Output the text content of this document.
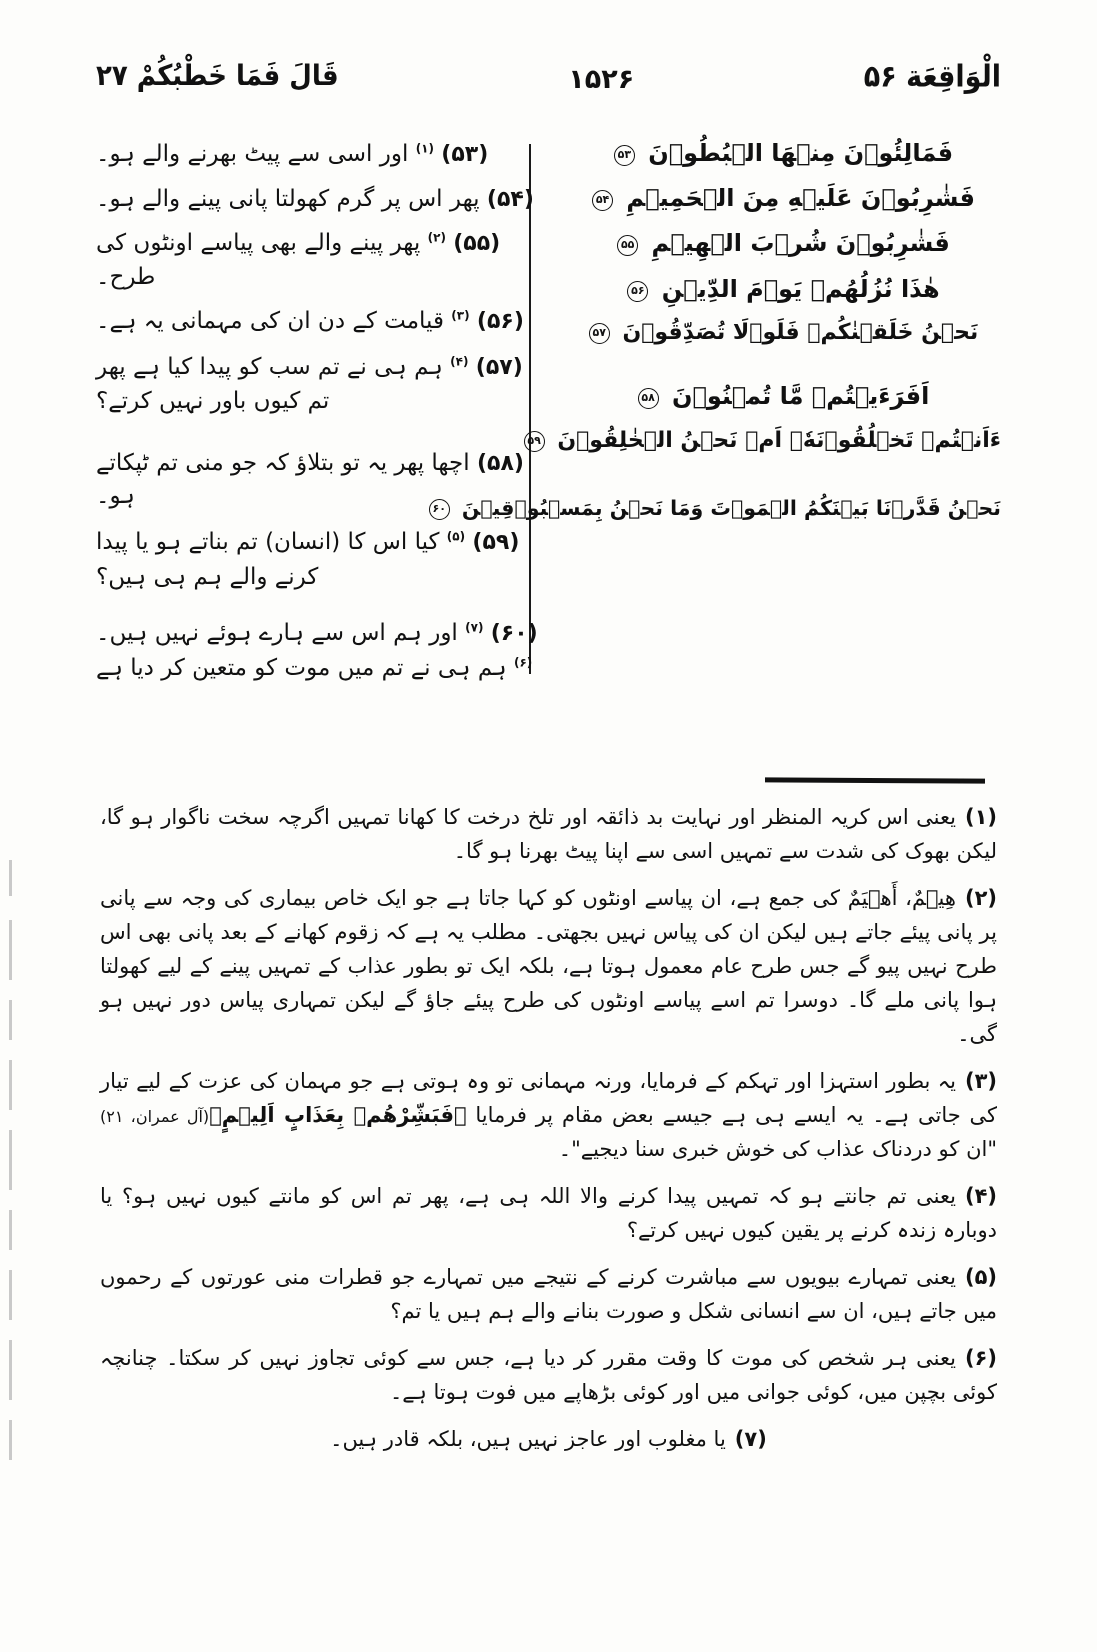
الْوَاقِعَة ۵۶
۱۵۲۶
قَالَ فَمَا خَطْبُكُمْ ۲۷
فَمَالِئُوۡنَ مِنۡهَا الۡبُطُوۡنَ ۵۳
فَشٰرِبُوۡنَ عَلَيۡهِ مِنَ الۡحَمِيۡمِ ۵۴
فَشٰرِبُوۡنَ شُرۡبَ الۡهِيۡمِ ۵۵
هٰذَا نُزُلُهُمۡ يَوۡمَ الدِّيۡنِ ۵۶
نَحۡنُ خَلَقۡنٰكُمۡ فَلَوۡلَا تُصَدِّقُوۡنَ ۵۷
اَفَرَءَيۡتُمۡ مَّا تُمۡنُوۡنَ ۵۸
ءَاَنۡتُمۡ تَخۡلُقُوۡنَهٗۤ اَمۡ نَحۡنُ الۡخٰلِقُوۡنَ ۵۹
نَحۡنُ قَدَّرۡنَا بَيۡنَكُمُ الۡمَوۡتَ وَمَا نَحۡنُ بِمَسۡبُوۡقِيۡنَ ۶۰
(۵۳) $^{(۱)}$ اور اسی سے پیٹ بھرنے والے ہو۔
(۵۴) پھر اس پر گرم کھولتا پانی پینے والے ہو۔
(۵۵) $^{(۲)}$ پھر پینے والے بھی پیاسے اونٹوں کی طرح۔
(۵۶) $^{(۳)}$ قیامت کے دن ان کی مہمانی یہ ہے۔
(۵۷) $^{(۴)}$ ہم ہی نے تم سب کو پیدا کیا ہے پھر تم کیوں باور نہیں کرتے؟
(۵۸) اچھا پھر یہ تو بتلاؤ کہ جو منی تم ٹپکاتے ہو۔
(۵۹) $^{(۵)}$ کیا اس کا (انسان) تم بناتے ہو یا پیدا کرنے والے ہم ہی ہیں؟
(۶۰) $^{(۷)}$ اور ہم اس سے ہارے ہوئے نہیں ہیں۔ $^{(۶)}$ ہم ہی نے تم میں موت کو متعین کر دیا ہے
(۱)یعنی اس کریہ المنظر اور نہایت بد ذائقہ اور تلخ درخت کا کھانا تمہیں اگرچہ سخت ناگوار ہو گا، لیکن بھوک کی شدت سے تمہیں اسی سے اپنا پیٹ بھرنا ہو گا۔
(۲)هِيۡمٌ، أَهۡيَمٌ کی جمع ہے، ان پیاسے اونٹوں کو کہا جاتا ہے جو ایک خاص بیماری کی وجہ سے پانی پر پانی پیئے جاتے ہیں لیکن ان کی پیاس نہیں بجھتی۔ مطلب یہ ہے کہ زقوم کھانے کے بعد پانی بھی اس طرح نہیں پیو گے جس طرح عام معمول ہوتا ہے، بلکہ ایک تو بطور عذاب کے تمہیں پینے کے لیے کھولتا ہوا پانی ملے گا۔ دوسرا تم اسے پیاسے اونٹوں کی طرح پیئے جاؤ گے لیکن تمہاری پیاس دور نہیں ہو گی۔
(۳)یہ بطور استہزا اور تہکم کے فرمایا، ورنہ مہمانی تو وہ ہوتی ہے جو مہمان کی عزت کے لیے تیار کی جاتی ہے۔ یہ ایسے ہی ہے جیسے بعض مقام پر فرمایا ﴿فَبَشِّرْهُمۡ بِعَذَابٍ اَلِيۡمٍ﴾(آل عمران، ۲۱) "ان کو دردناک عذاب کی خوش خبری سنا دیجیے"۔
(۴)یعنی تم جانتے ہو کہ تمہیں پیدا کرنے والا اللہ ہی ہے، پھر تم اس کو مانتے کیوں نہیں ہو؟ یا دوبارہ زندہ کرنے پر یقین کیوں نہیں کرتے؟
(۵)یعنی تمہارے بیویوں سے مباشرت کرنے کے نتیجے میں تمہارے جو قطرات منی عورتوں کے رحموں میں جاتے ہیں، ان سے انسانی شکل و صورت بنانے والے ہم ہیں یا تم؟
(۶)یعنی ہر شخص کی موت کا وقت مقرر کر دیا ہے، جس سے کوئی تجاوز نہیں کر سکتا۔ چنانچہ کوئی بچپن میں، کوئی جوانی میں اور کوئی بڑھاپے میں فوت ہوتا ہے۔
(۷)یا مغلوب اور عاجز نہیں ہیں، بلکہ قادر ہیں۔
